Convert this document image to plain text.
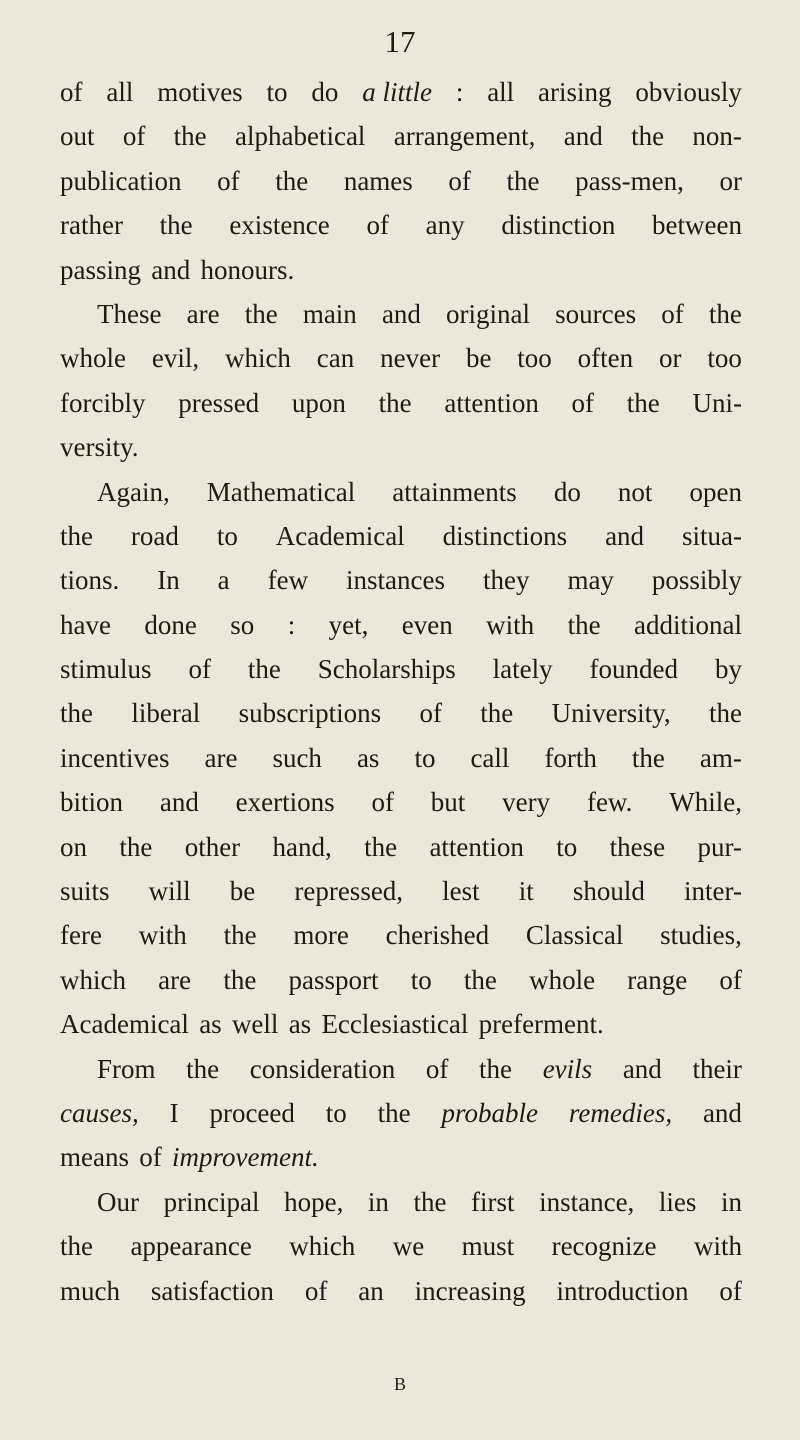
17
of all motives to do a little : all arising obviously
out of the alphabetical arrangement, and the non-
publication of the names of the pass-men, or
rather the existence of any distinction between
passing and honours.
These are the main and original sources of the
whole evil, which can never be too often or too
forcibly pressed upon the attention of the Uni-
versity.
Again, Mathematical attainments do not open
the road to Academical distinctions and situa-
tions. In a few instances they may possibly
have done so : yet, even with the additional
stimulus of the Scholarships lately founded by
the liberal subscriptions of the University, the
incentives are such as to call forth the am-
bition and exertions of but very few. While,
on the other hand, the attention to these pur-
suits will be repressed, lest it should inter-
fere with the more cherished Classical studies,
which are the passport to the whole range of
Academical as well as Ecclesiastical preferment.
From the consideration of the evils and their
causes, I proceed to the probable remedies, and
means of improvement.
Our principal hope, in the first instance, lies in
the appearance which we must recognize with
much satisfaction of an increasing introduction of
B
